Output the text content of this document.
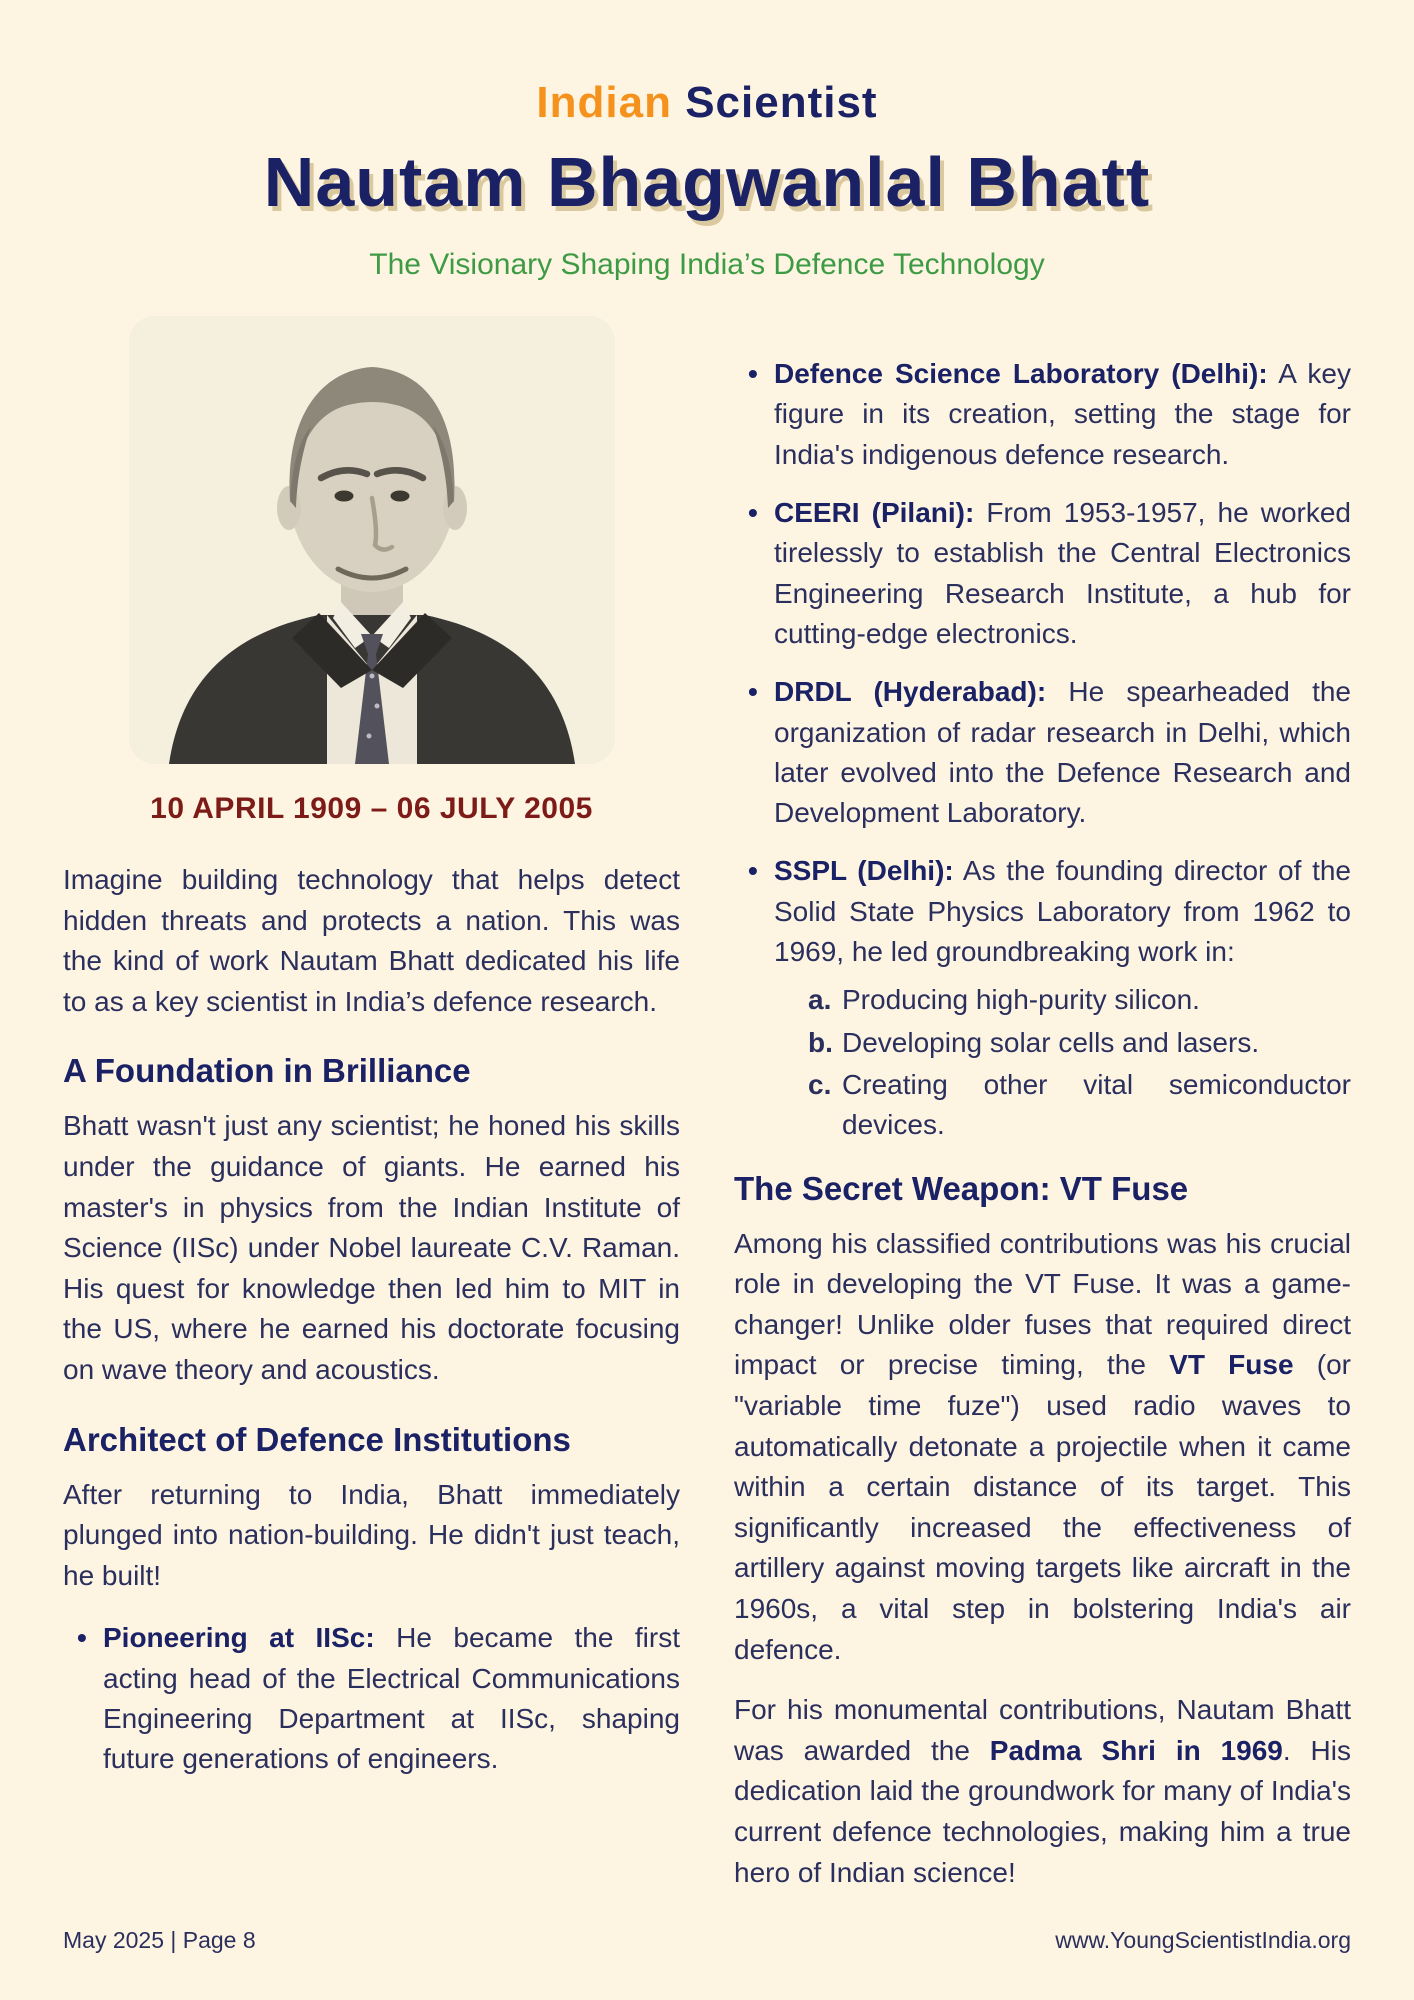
Indian Scientist
Nautam Bhagwanlal Bhatt
The Visionary Shaping India’s Defence Technology
10 APRIL 1909 – 06 JULY 2005

Imagine building technology that helps detect hidden threats and protects a nation. This was the kind of work Nautam Bhatt dedicated his life to as a key scientist in India’s defence research.

A Foundation in Brilliance

Bhatt wasn't just any scientist; he honed his skills under the guidance of giants. He earned his master's in physics from the Indian Institute of Science (IISc) under Nobel laureate C.V. Raman. His quest for knowledge then led him to MIT in the US, where he earned his doctorate focusing on wave theory and acoustics.

Architect of Defence Institutions

After returning to India, Bhatt immediately plunged into nation-building. He didn't just teach, he built!

• Pioneering at IISc: He became the first acting head of the Electrical Communications Engineering Department at IISc, shaping future generations of engineers.
• Defence Science Laboratory (Delhi): A key figure in its creation, setting the stage for India's indigenous defence research.
• CEERI (Pilani): From 1953-1957, he worked tirelessly to establish the Central Electronics Engineering Research Institute, a hub for cutting-edge electronics.
• DRDL (Hyderabad): He spearheaded the organization of radar research in Delhi, which later evolved into the Defence Research and Development Laboratory.
• SSPL (Delhi): As the founding director of the Solid State Physics Laboratory from 1962 to 1969, he led groundbreaking work in:
Producing high-purity silicon.
Developing solar cells and lasers.
Creating other vital semiconductor devices.
The Secret Weapon: VT Fuse

Among his classified contributions was his crucial role in developing the VT Fuse. It was a game-changer! Unlike older fuses that required direct impact or precise timing, the VT Fuse (or "variable time fuze") used radio waves to automatically detonate a projectile when it came within a certain distance of its target. This significantly increased the effectiveness of artillery against moving targets like aircraft in the 1960s, a vital step in bolstering India's air defence.

For his monumental contributions, Nautam Bhatt was awarded the Padma Shri in 1969. His dedication laid the groundwork for many of India's current defence technologies, making him a true hero of Indian science!

May 2025 | Page 8	www.YoungScientistIndia.org
